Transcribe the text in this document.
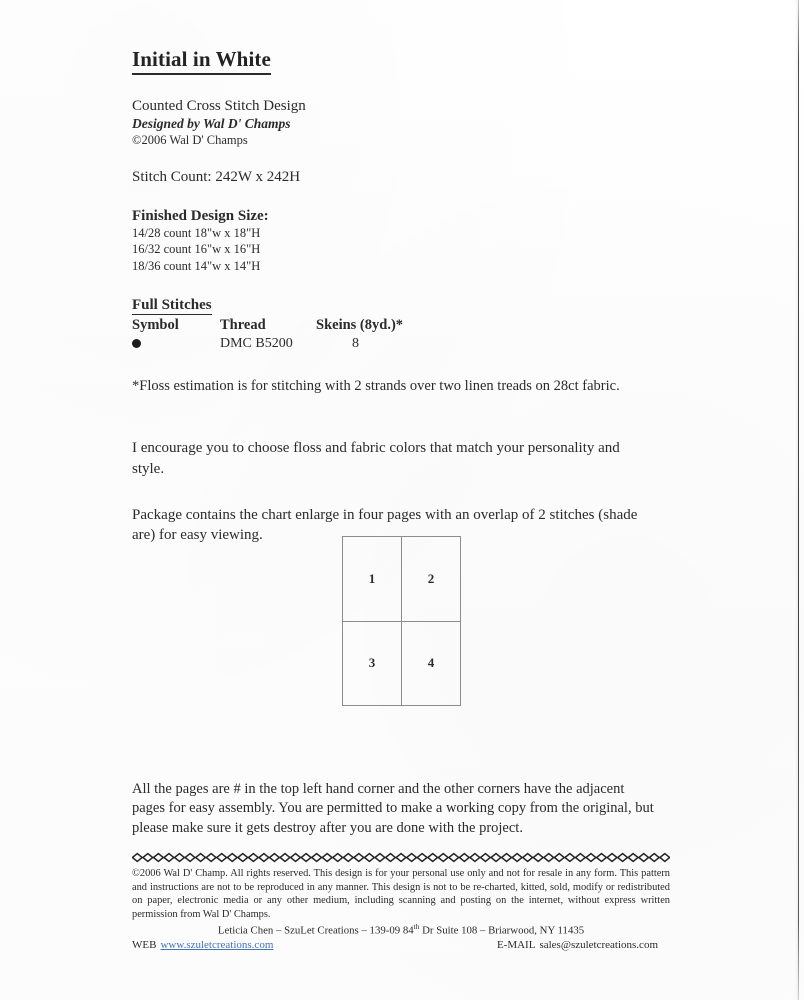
Initial in White
Counted Cross Stitch Design
Designed by Wal D' Champs
©2006 Wal D' Champs
Stitch Count: 242W x 242H
Finished Design Size:
14/28 count 18"w x 18"H
16/32 count 16"w x 16"H
18/36 count 14"w x 14"H
Full Stitches
Symbol	Thread	Skeins (8yd.)*
	DMC B5200	8

*Floss estimation is for stitching with 2 strands over two linen treads on 28ct fabric.

I encourage you to choose floss and fabric colors that match your personality and style.

Package contains the chart enlarge in four pages with an overlap of 2 stitches (shade are) for easy viewing.

1	2
3	4

All the pages are # in the top left hand corner and the other corners have the adjacent pages for easy assembly. You are permitted to make a working copy from the original, but please make sure it gets destroy after you are done with the project.

©2006 Wal D' Champ. All rights reserved. This design is for your personal use only and not for resale in any form. This pattern and instructions are not to be reproduced in any manner. This design is not to be re-charted, kitted, sold, modify or redistributed on paper, electronic media or any other medium, including scanning and posting on the internet, without express written permission from Wal D' Champs.
Leticia Chen – SzuLet Creations – 139-09 84th Dr Suite 108 – Briarwood, NY 11435
WEB www.szuletcreations.com	E-MAIL sales@szuletcreations.com
